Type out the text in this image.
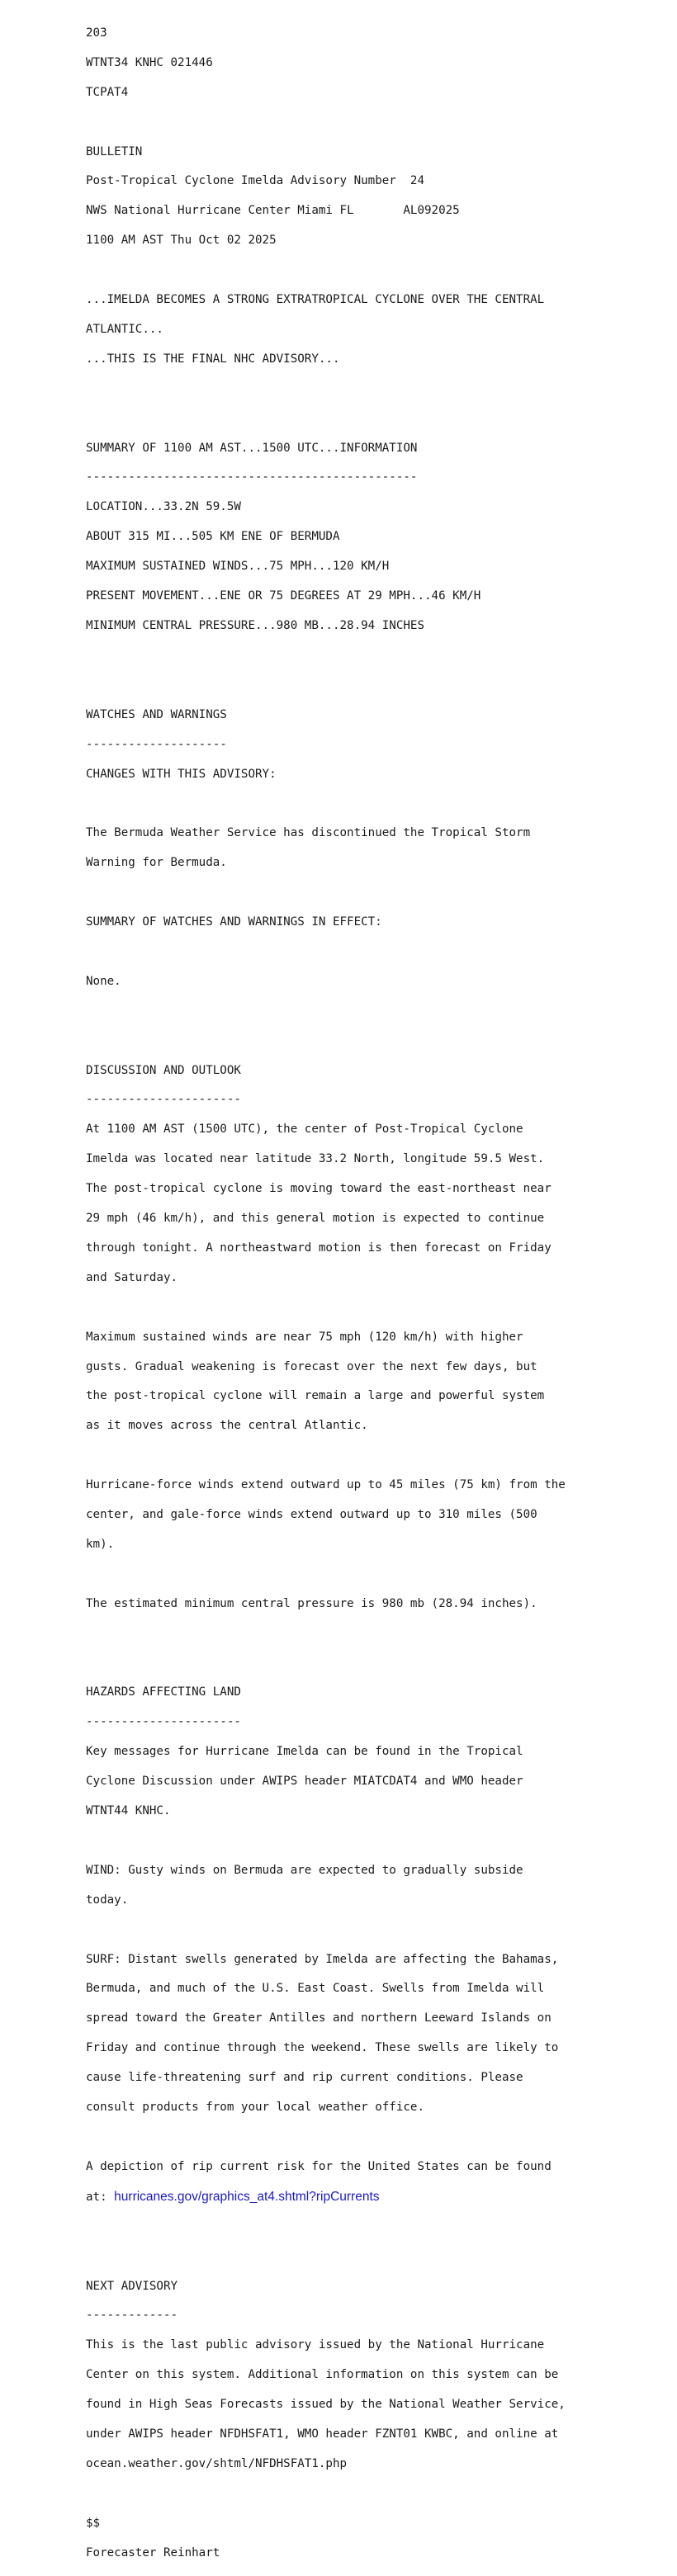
203

WTNT34 KNHC 021446

TCPAT4

BULLETIN

Post-Tropical Cyclone Imelda Advisory Number  24

NWS National Hurricane Center Miami FL       AL092025

1100 AM AST Thu Oct 02 2025

...IMELDA BECOMES A STRONG EXTRATROPICAL CYCLONE OVER THE CENTRAL

ATLANTIC...

...THIS IS THE FINAL NHC ADVISORY...

SUMMARY OF 1100 AM AST...1500 UTC...INFORMATION

-----------------------------------------------

LOCATION...33.2N 59.5W

ABOUT 315 MI...505 KM ENE OF BERMUDA

MAXIMUM SUSTAINED WINDS...75 MPH...120 KM/H

PRESENT MOVEMENT...ENE OR 75 DEGREES AT 29 MPH...46 KM/H

MINIMUM CENTRAL PRESSURE...980 MB...28.94 INCHES

WATCHES AND WARNINGS

--------------------

CHANGES WITH THIS ADVISORY:

The Bermuda Weather Service has discontinued the Tropical Storm

Warning for Bermuda.

SUMMARY OF WATCHES AND WARNINGS IN EFFECT:

None.

DISCUSSION AND OUTLOOK

----------------------

At 1100 AM AST (1500 UTC), the center of Post-Tropical Cyclone

Imelda was located near latitude 33.2 North, longitude 59.5 West.

The post-tropical cyclone is moving toward the east-northeast near

29 mph (46 km/h), and this general motion is expected to continue

through tonight. A northeastward motion is then forecast on Friday

and Saturday.

Maximum sustained winds are near 75 mph (120 km/h) with higher

gusts. Gradual weakening is forecast over the next few days, but

the post-tropical cyclone will remain a large and powerful system

as it moves across the central Atlantic.

Hurricane-force winds extend outward up to 45 miles (75 km) from the

center, and gale-force winds extend outward up to 310 miles (500

km).

The estimated minimum central pressure is 980 mb (28.94 inches).

HAZARDS AFFECTING LAND

----------------------

Key messages for Hurricane Imelda can be found in the Tropical

Cyclone Discussion under AWIPS header MIATCDAT4 and WMO header

WTNT44 KNHC.

WIND: Gusty winds on Bermuda are expected to gradually subside

today.

SURF: Distant swells generated by Imelda are affecting the Bahamas,

Bermuda, and much of the U.S. East Coast. Swells from Imelda will

spread toward the Greater Antilles and northern Leeward Islands on

Friday and continue through the weekend. These swells are likely to

cause life-threatening surf and rip current conditions. Please

consult products from your local weather office.

A depiction of rip current risk for the United States can be found

at: hurricanes.gov/graphics_at4.shtml?ripCurrents

NEXT ADVISORY

-------------

This is the last public advisory issued by the National Hurricane

Center on this system. Additional information on this system can be

found in High Seas Forecasts issued by the National Weather Service,

under AWIPS header NFDHSFAT1, WMO header FZNT01 KWBC, and online at

ocean.weather.gov/shtml/NFDHSFAT1.php

$$

Forecaster Reinhart
